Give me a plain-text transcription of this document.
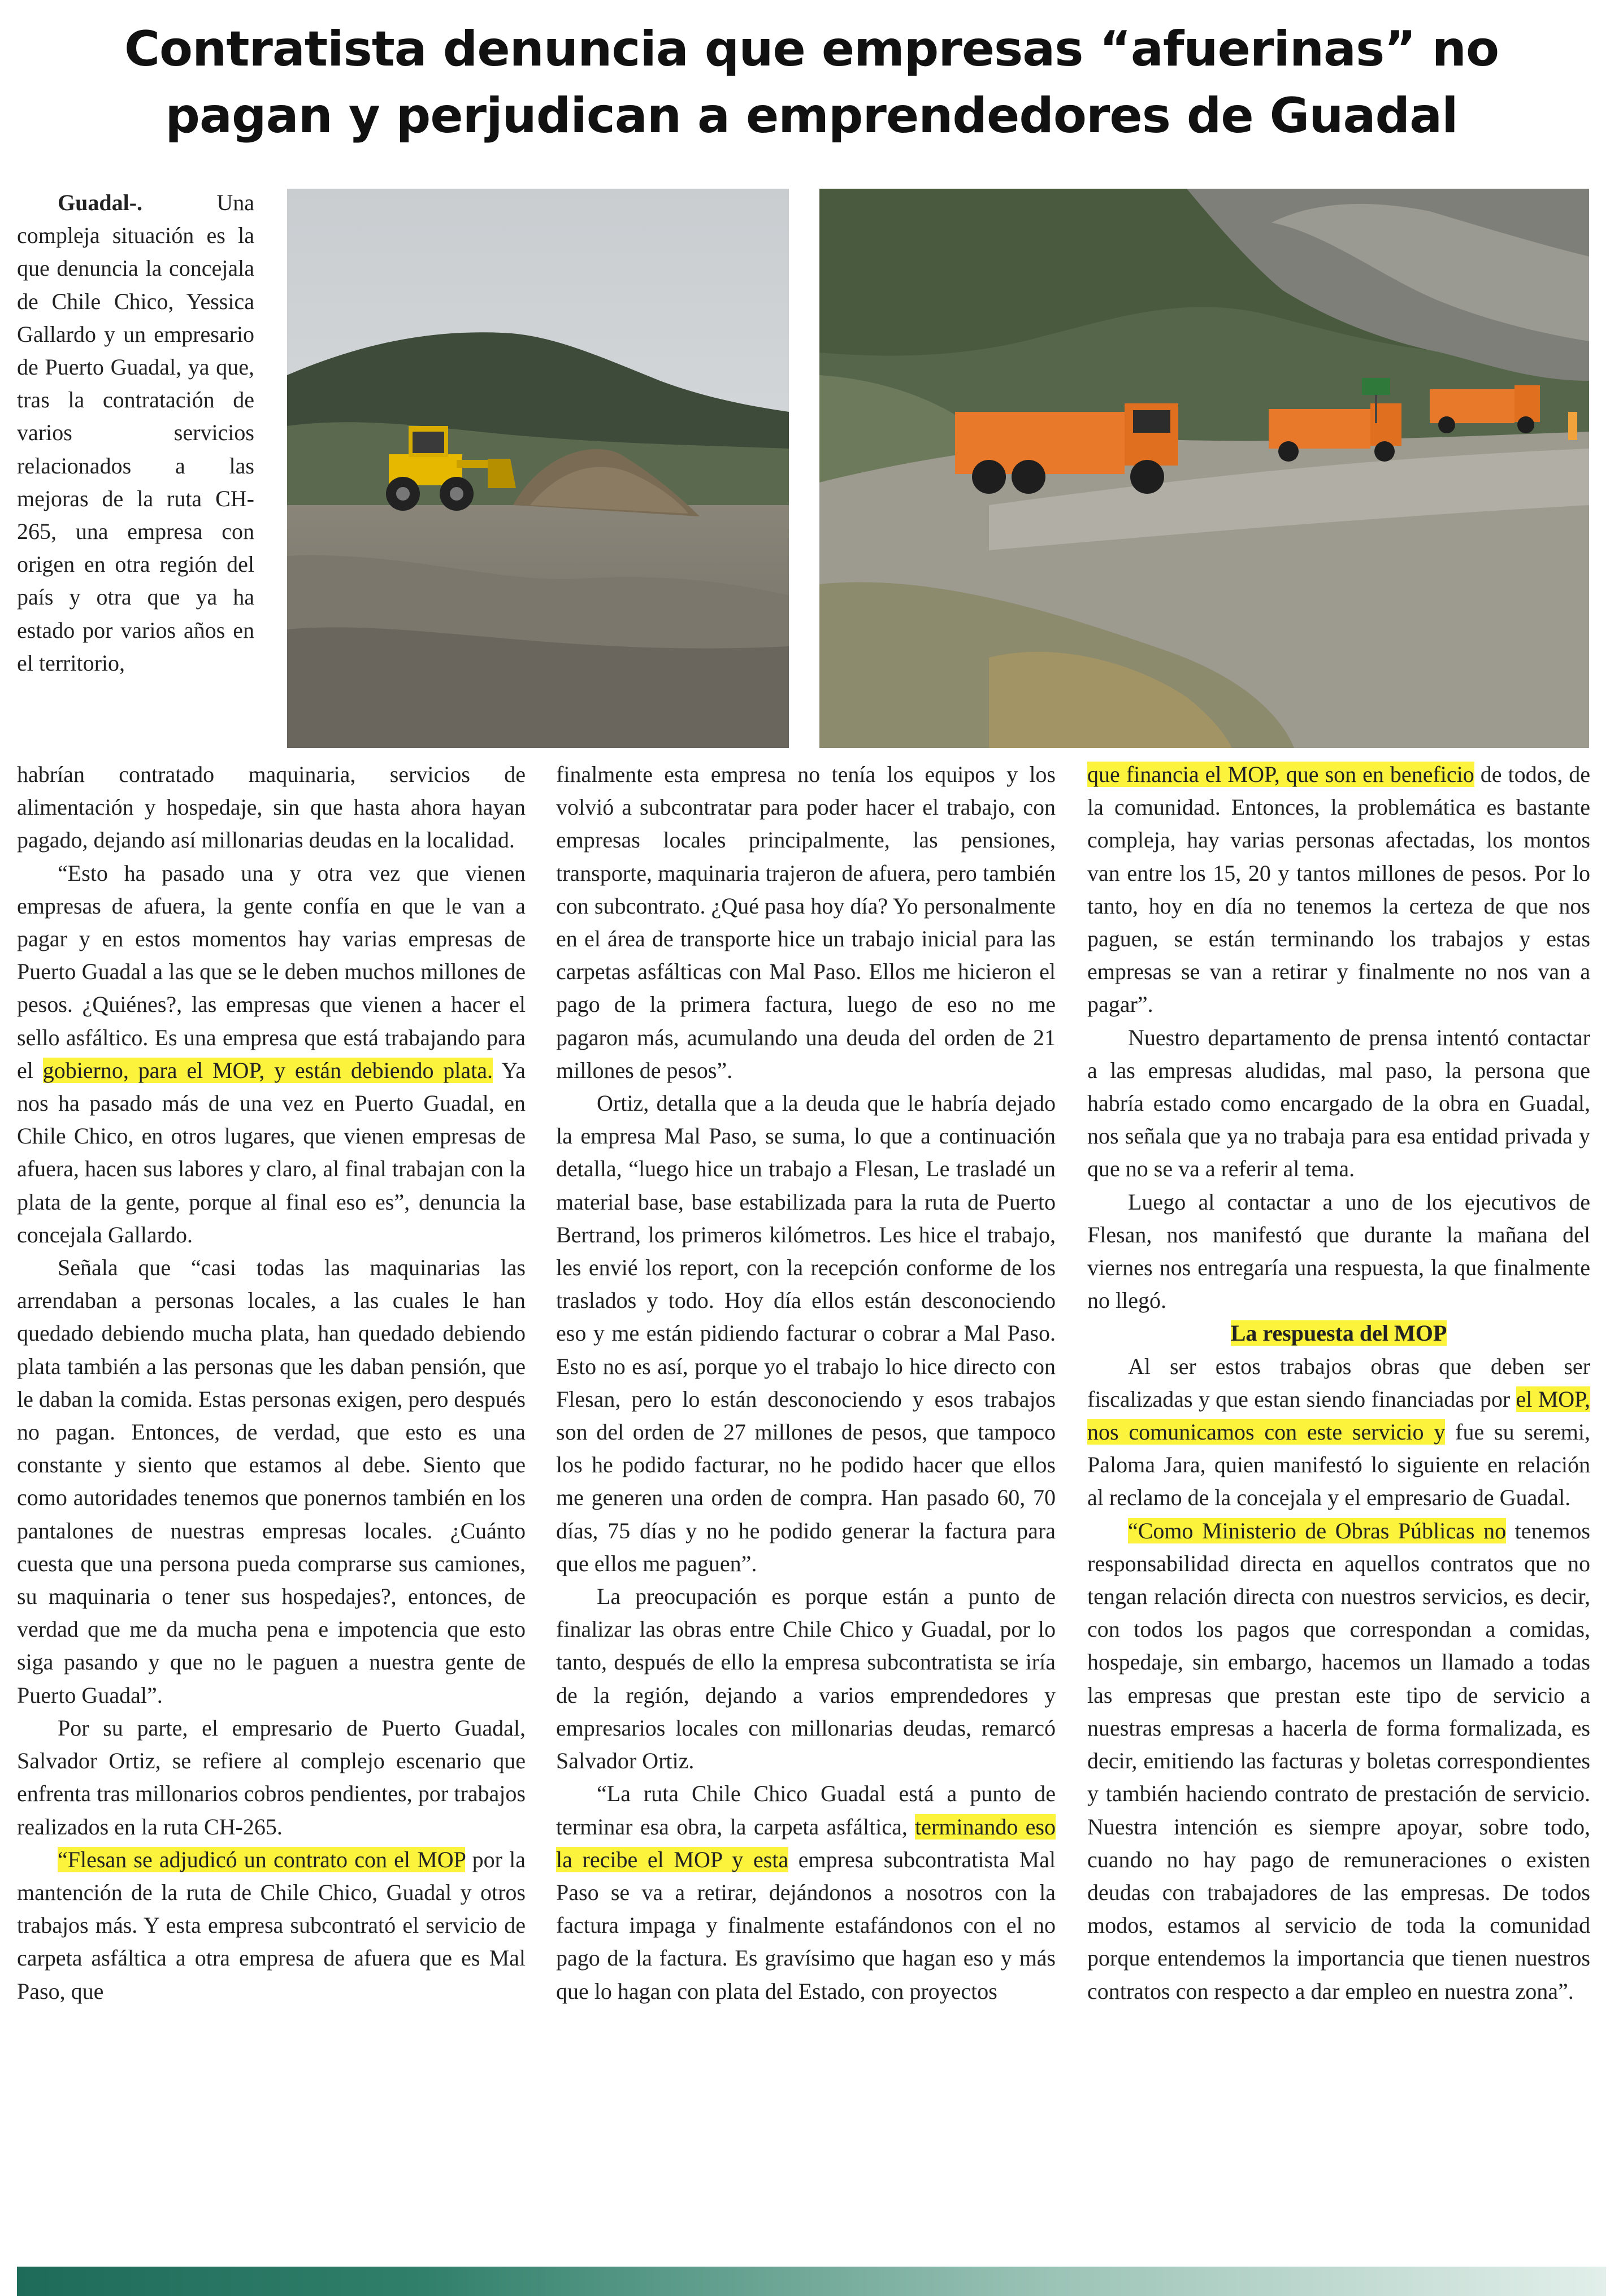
Contratista denuncia que empresas “afuerinas” no
pagan y perjudican a emprendedores de Guadal

Guadal-. Una compleja situación es la que denuncia la concejala de Chile Chico, Yessica Gallardo y un empresario de Puerto Guadal, ya que, tras la contratación de varios servicios relacionados a las mejoras de la ruta CH-265, una empresa con origen en otra región del país y otra que ya ha estado por varios años en el territorio,

habrían contratado maquinaria, servicios de alimentación y hospedaje, sin que hasta ahora hayan pagado, dejando así millonarias deudas en la localidad.

“Esto ha pasado una y otra vez que vienen empresas de afuera, la gente confía en que le van a pagar y en estos momentos hay varias empresas de Puerto Guadal a las que se le deben muchos millones de pesos. ¿Quiénes?, las empresas que vienen a hacer el sello asfáltico. Es una empresa que está trabajando para el gobierno, para el MOP, y están debiendo plata. Ya nos ha pasado más de una vez en Puerto Guadal, en Chile Chico, en otros lugares, que vienen empresas de afuera, hacen sus labores y claro, al final trabajan con la plata de la gente, porque al final eso es”, denuncia la concejala Gallardo.

Señala que “casi todas las maquinarias las arrendaban a personas locales, a las cuales le han quedado debiendo mucha plata, han quedado debiendo plata también a las personas que les daban pensión, que le daban la comida. Estas personas exigen, pero después no pagan. Entonces, de verdad, que esto es una constante y siento que estamos al debe. Siento que como autoridades tenemos que ponernos también en los pantalones de nuestras empresas locales. ¿Cuánto cuesta que una persona pueda comprarse sus camiones, su maquinaria o tener sus hospedajes?, entonces, de verdad que me da mucha pena e impotencia que esto siga pasando y que no le paguen a nuestra gente de Puerto Guadal”.

Por su parte, el empresario de Puerto Guadal, Salvador Ortiz, se refiere al complejo escenario que enfrenta tras millonarios cobros pendientes, por trabajos realizados en la ruta CH-265.

“Flesan se adjudicó un contrato con el MOP por la mantención de la ruta de Chile Chico, Guadal y otros trabajos más. Y esta empresa subcontrató el servicio de carpeta asfáltica a otra empresa de afuera que es Mal Paso, que

finalmente esta empresa no tenía los equipos y los volvió a subcontratar para poder hacer el trabajo, con empresas locales principalmente, las pensiones, transporte, maquinaria trajeron de afuera, pero también con subcontrato. ¿Qué pasa hoy día? Yo personalmente en el área de transporte hice un trabajo inicial para las carpetas asfálticas con Mal Paso. Ellos me hicieron el pago de la primera factura, luego de eso no me pagaron más, acumulando una deuda del orden de 21 millones de pesos”.

Ortiz, detalla que a la deuda que le habría dejado la empresa Mal Paso, se suma, lo que a continuación detalla, “luego hice un trabajo a Flesan, Le trasladé un material base, base estabilizada para la ruta de Puerto Bertrand, los primeros kilómetros. Les hice el trabajo, les envié los report, con la recepción conforme de los traslados y todo. Hoy día ellos están desconociendo eso y me están pidiendo facturar o cobrar a Mal Paso. Esto no es así, porque yo el trabajo lo hice directo con Flesan, pero lo están desconociendo y esos trabajos son del orden de 27 millones de pesos, que tampoco los he podido facturar, no he podido hacer que ellos me generen una orden de compra. Han pasado 60, 70 días, 75 días y no he podido generar la factura para que ellos me paguen”.

La preocupación es porque están a punto de finalizar las obras entre Chile Chico y Guadal, por lo tanto, después de ello la empresa subcontratista se iría de la región, dejando a varios emprendedores y empresarios locales con millonarias deudas, remarcó Salvador Ortiz.

“La ruta Chile Chico Guadal está a punto de terminar esa obra, la carpeta asfáltica, terminando eso la recibe el MOP y esta empresa subcontratista Mal Paso se va a retirar, dejándonos a nosotros con la factura impaga y finalmente estafándonos con el no pago de la factura. Es gravísimo que hagan eso y más que lo hagan con plata del Estado, con proyectos

que financia el MOP, que son en beneficio de todos, de la comunidad. Entonces, la problemática es bastante compleja, hay varias personas afectadas, los montos van entre los 15, 20 y tantos millones de pesos. Por lo tanto, hoy en día no tenemos la certeza de que nos paguen, se están terminando los trabajos y estas empresas se van a retirar y finalmente no nos van a pagar”.

Nuestro departamento de prensa intentó contactar a las empresas aludidas, mal paso, la persona que habría estado como encargado de la obra en Guadal, nos señala que ya no trabaja para esa entidad privada y que no se va a referir al tema.

Luego al contactar a uno de los ejecutivos de Flesan, nos manifestó que durante la mañana del viernes nos entregaría una respuesta, la que finalmente no llegó.

La respuesta del MOP

Al ser estos trabajos obras que deben ser fiscalizadas y que estan siendo financiadas por el MOP, nos comunicamos con este servicio y fue su seremi, Paloma Jara, quien manifestó lo siguiente en relación al reclamo de la concejala y el empresario de Guadal.

“Como Ministerio de Obras Públicas no tenemos responsabilidad directa en aquellos contratos que no tengan relación directa con nuestros servicios, es decir, con todos los pagos que correspondan a comidas, hospedaje, sin embargo, hacemos un llamado a todas las empresas que prestan este tipo de servicio a nuestras empresas a hacerla de forma formalizada, es decir, emitiendo las facturas y boletas correspondientes y también haciendo contrato de prestación de servicio. Nuestra intención es siempre apoyar, sobre todo, cuando no hay pago de remuneraciones o existen deudas con trabajadores de las empresas. De todos modos, estamos al servicio de toda la comunidad porque entendemos la importancia que tienen nuestros contratos con respecto a dar empleo en nuestra zona”.
